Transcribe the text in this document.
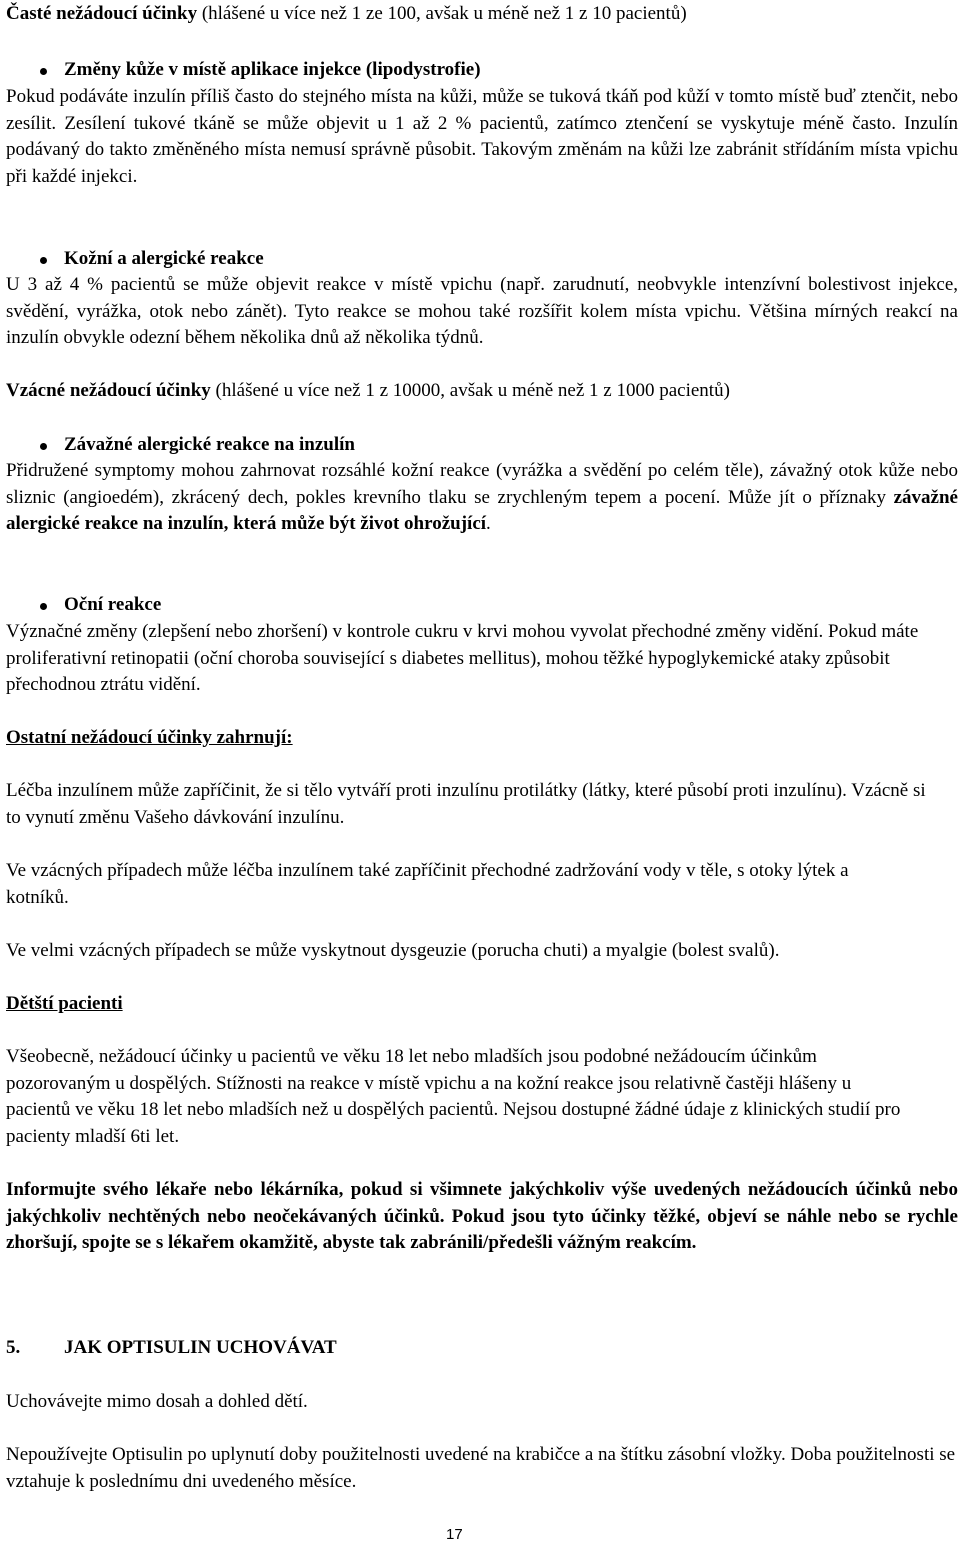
Časté nežádoucí účinky (hlášené u více než 1 ze 100, avšak u méně než 1 z 10 pacientů)

Změny kůže v místě aplikace injekce (lipodystrofie)

Pokud podáváte inzulín příliš často do stejného místa na kůži, může se tuková tkáň pod kůží v tomto místě buď ztenčit, nebo zesílit. Zesílení tukové tkáně se může objevit u 1 až 2 % pacientů, zatímco ztenčení se vyskytuje méně často. Inzulín podávaný do takto změněného místa nemusí správně působit. Takovým změnám na kůži lze zabránit střídáním místa vpichu při každé injekci.

Kožní a alergické reakce

U 3 až 4 % pacientů se může objevit reakce v místě vpichu (např. zarudnutí, neobvykle intenzívní bolestivost injekce, svědění, vyrážka, otok nebo zánět). Tyto reakce se mohou také rozšířit kolem místa vpichu. Většina mírných reakcí na inzulín obvykle odezní během několika dnů až několika týdnů.

Vzácné nežádoucí účinky (hlášené u více než 1 z 10000, avšak u méně než 1 z 1000 pacientů)

Závažné alergické reakce na inzulín

Přidružené symptomy mohou zahrnovat rozsáhlé kožní reakce (vyrážka a svědění po celém těle), závažný otok kůže nebo sliznic (angioedém), zkrácený dech, pokles krevního tlaku se zrychleným tepem a pocení. Může jít o příznaky závažné alergické reakce na inzulín, která může být život ohrožující.

Oční reakce

Význačné změny (zlepšení nebo zhoršení) v kontrole cukru v krvi mohou vyvolat přechodné změny vidění. Pokud máte proliferativní retinopatii (oční choroba související s diabetes mellitus), mohou těžké hypoglykemické ataky způsobit přechodnou ztrátu vidění.

Ostatní nežádoucí účinky zahrnují:

Léčba inzulínem může zapříčinit, že si tělo vytváří proti inzulínu protilátky (látky, které působí proti inzulínu). Vzácně si to vynutí změnu Vašeho dávkování inzulínu.

Ve vzácných případech může léčba inzulínem také zapříčinit přechodné zadržování vody v těle, s otoky lýtek a kotníků.

Ve velmi vzácných případech se může vyskytnout dysgeuzie (porucha chuti) a myalgie (bolest svalů).

Dětští pacienti

Všeobecně, nežádoucí účinky u pacientů ve věku 18 let nebo mladších jsou podobné nežádoucím účinkům pozorovaným u dospělých. Stížnosti na reakce v místě vpichu a na kožní reakce jsou relativně častěji hlášeny u pacientů ve věku 18 let nebo mladších než u dospělých pacientů. Nejsou dostupné žádné údaje z klinických studií pro pacienty mladší 6ti let.

Informujte svého lékaře nebo lékárníka, pokud si všimnete jakýchkoliv výše uvedených nežádoucích účinků nebo jakýchkoliv nechtěných nebo neočekávaných účinků. Pokud jsou tyto účinky těžké, objeví se náhle nebo se rychle zhoršují, spojte se s lékařem okamžitě, abyste tak zabránili/předešli vážným reakcím.

5. JAK OPTISULIN UCHOVÁVAT

Uchovávejte mimo dosah a dohled dětí.

Nepoužívejte Optisulin po uplynutí doby použitelnosti uvedené na krabičce a na štítku zásobní vložky. Doba použitelnosti se vztahuje k poslednímu dni uvedeného měsíce.

17
